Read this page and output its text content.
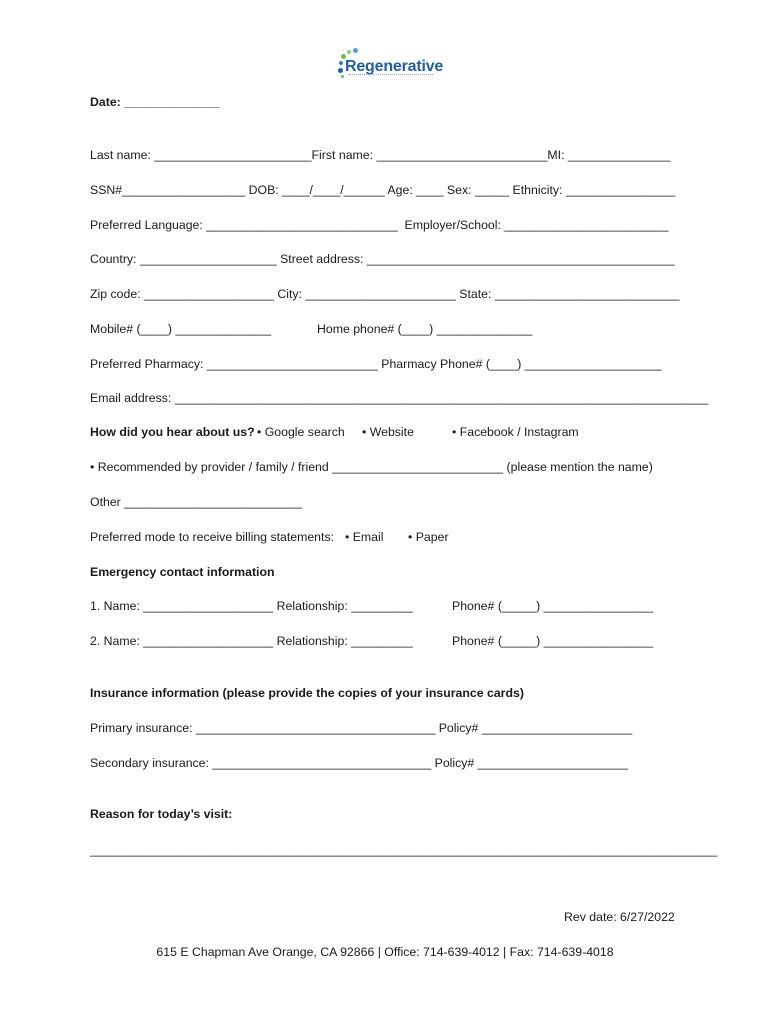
Regenerative
Date: ______________
Last name: _______________________First name: _________________________MI: _______________
SSN#__________________ DOB: ____/____/______ Age: ____ Sex: _____ Ethnicity: ________________
Preferred Language: ____________________________  Employer/School: ________________________
Country: ____________________ Street address: _____________________________________________
Zip code: ___________________ City: ______________________ State: ___________________________
Mobile# (____) ______________	Home phone# (____) ______________
Preferred Pharmacy: _________________________ Pharmacy Phone# (____) ____________________
Email address: ______________________________________________________________________________
How did you hear about us? • Google search • Website	• Facebook / Instagram
• Recommended by provider / family / friend _________________________ (please mention the name)
Other __________________________
Preferred mode to receive billing statements: • Email • Paper
Emergency contact information
1. Name: ___________________ Relationship: _________	Phone# (_____) ________________
2. Name: ___________________ Relationship: _________	Phone# (_____) ________________
Insurance information (please provide the copies of your insurance cards)
Primary insurance: ___________________________________ Policy# ______________________
Secondary insurance: ________________________________ Policy# ______________________
Reason for today’s visit:
______________________________________________________________________________________________
Rev date: 6/27/2022
615 E Chapman Ave Orange, CA 92866 | Office: 714-639-4012 | Fax: 714-639-4018
